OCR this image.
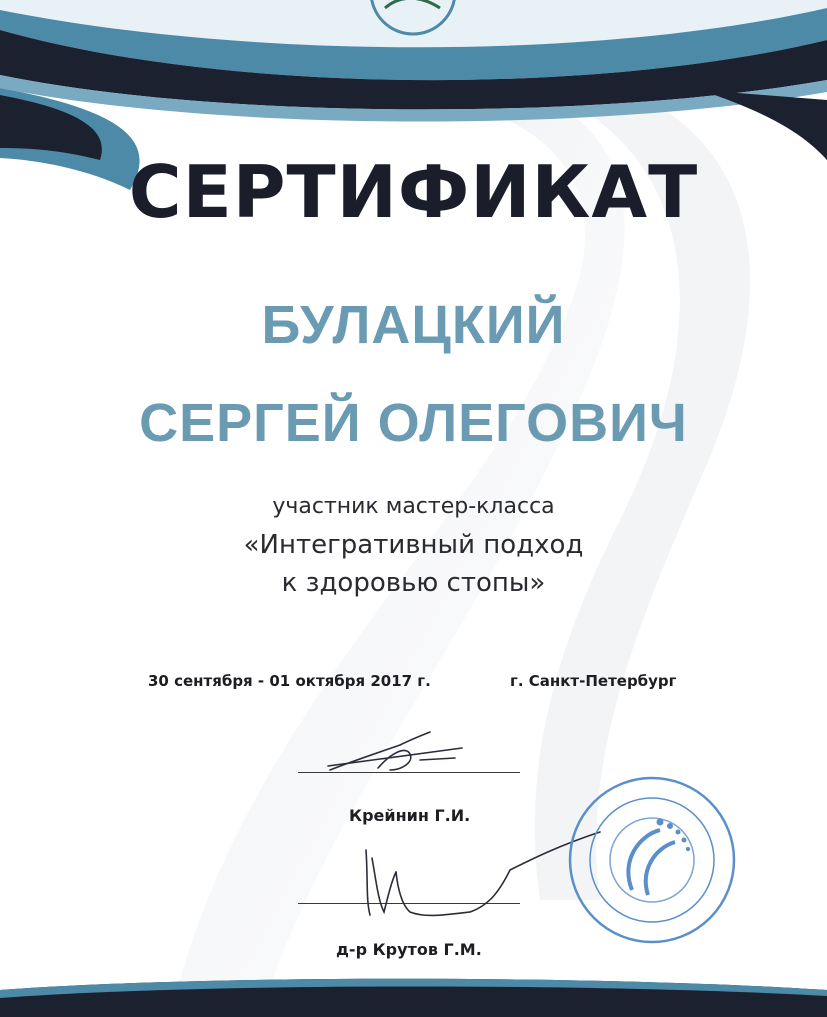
СЕРТИФИКАТ
БУЛАЦКИЙ
СЕРГЕЙ ОЛЕГОВИЧ
участник мастер-класса
«Интегративный подход
к здоровью стопы»
30 сентября - 01 октября 2017 г.	г. Санкт-Петербург
Крейнин Г.И.
д-р Крутов Г.М.
